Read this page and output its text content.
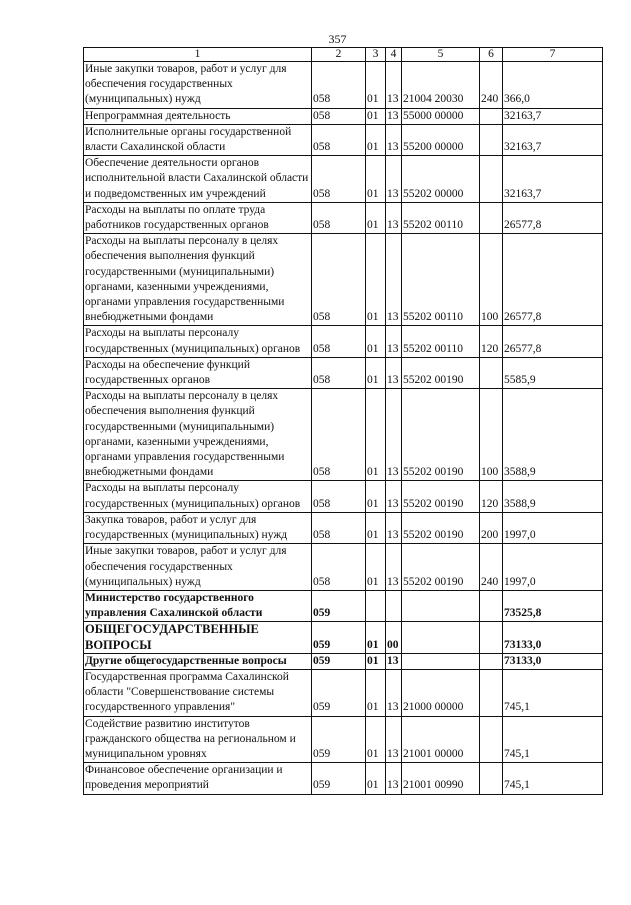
357
1	2	3	4	5	6	7
Иные закупки товаров, работ и услуг для обеспечения государственных (муниципальных) нужд	058	01	13	21004 20030	240	366,0
Непрограммная деятельность	058	01	13	55000 00000		32163,7
Исполнительные органы государственной власти Сахалинской области	058	01	13	55200 00000		32163,7
Обеспечение деятельности органов исполнительной власти Сахалинской области и подведомственных им учреждений	058	01	13	55202 00000		32163,7
Расходы на выплаты по оплате труда работников государственных органов	058	01	13	55202 00110		26577,8
Расходы на выплаты персоналу в целях обеспечения выполнения функций государственными (муниципальными) органами, казенными учреждениями, органами управления государственными внебюджетными фондами	058	01	13	55202 00110	100	26577,8
Расходы на выплаты персоналу государственных (муниципальных) органов	058	01	13	55202 00110	120	26577,8
Расходы на обеспечение функций государственных органов	058	01	13	55202 00190		5585,9
Расходы на выплаты персоналу в целях обеспечения выполнения функций государственными (муниципальными) органами, казенными учреждениями, органами управления государственными внебюджетными фондами	058	01	13	55202 00190	100	3588,9
Расходы на выплаты персоналу государственных (муниципальных) органов	058	01	13	55202 00190	120	3588,9
Закупка товаров, работ и услуг для государственных (муниципальных) нужд	058	01	13	55202 00190	200	1997,0
Иные закупки товаров, работ и услуг для обеспечения государственных (муниципальных) нужд	058	01	13	55202 00190	240	1997,0
Министерство государственного управления Сахалинской области	059					73525,8
ОБЩЕГОСУДАРСТВЕННЫЕ ВОПРОСЫ	059	01	00			73133,0
Другие общегосударственные вопросы	059	01	13			73133,0
Государственная программа Сахалинской области "Совершенствование системы государственного управления"	059	01	13	21000 00000		745,1
Содействие развитию институтов гражданского общества на региональном и муниципальном уровнях	059	01	13	21001 00000		745,1
Финансовое обеспечение организации и проведения мероприятий	059	01	13	21001 00990		745,1
